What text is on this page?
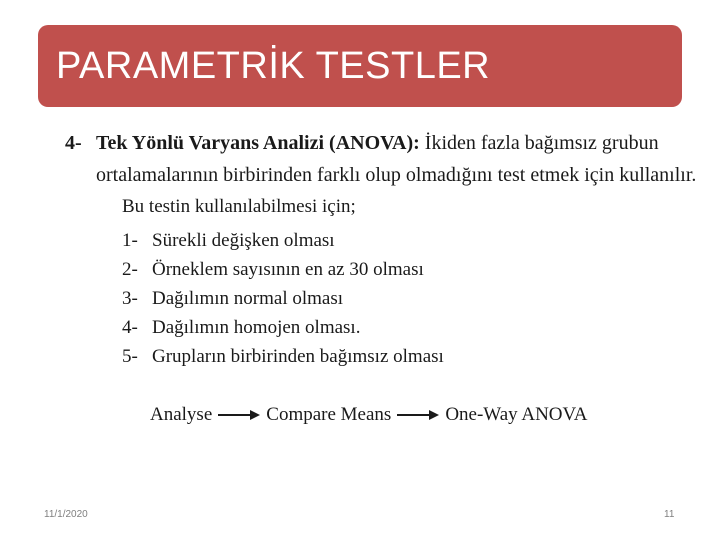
PARAMETRİK TESTLER
4- Tek Yönlü Varyans Analizi (ANOVA): İkiden fazla bağımsız grubun
ortalamalarının birbirinden farklı olup olmadığını test etmek için kullanılır.
Bu testin kullanılabilmesi için;
1- Sürekli değişken olması
2- Örneklem sayısının en az 30 olması
3- Dağılımın normal olması
4- Dağılımın homojen olması.
5- Grupların birbirinden bağımsız olması
Analyse	Compare Means	One-Way ANOVA
11/1/2020	11
